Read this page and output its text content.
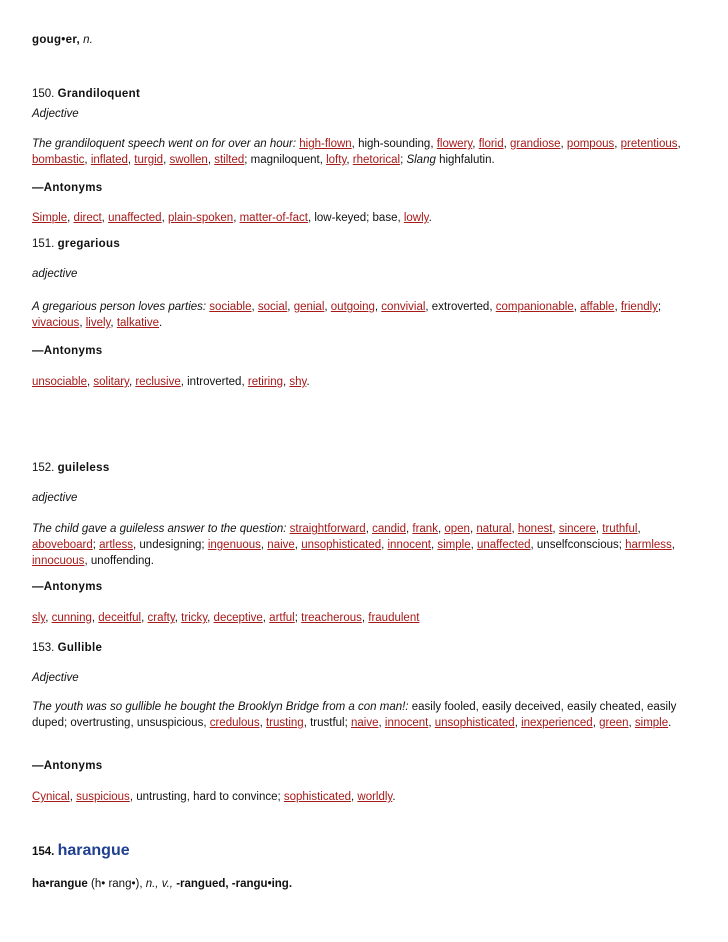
goug•er, n.

150. Grandiloquent

Adjective

The grandiloquent speech went on for over an hour: high-flown, high-sounding, flowery, florid, grandiose, pompous, pretentious, bombastic, inflated, turgid, swollen, stilted; magniloquent, lofty, rhetorical; Slang highfalutin.

—Antonyms

Simple, direct, unaffected, plain-spoken, matter-of-fact, low-keyed; base, lowly.

151. gregarious

adjective

A gregarious person loves parties: sociable, social, genial, outgoing, convivial, extroverted, companionable, affable, friendly; vivacious, lively, talkative.

—Antonyms

unsociable, solitary, reclusive, introverted, retiring, shy.

152. guileless

adjective

The child gave a guileless answer to the question: straightforward, candid, frank, open, natural, honest, sincere, truthful, aboveboard; artless, undesigning; ingenuous, naive, unsophisticated, innocent, simple, unaffected, unselfconscious; harmless, innocuous, unoffending.

—Antonyms

sly, cunning, deceitful, crafty, tricky, deceptive, artful; treacherous, fraudulent

153. Gullible

Adjective

The youth was so gullible he bought the Brooklyn Bridge from a con man!: easily fooled, easily deceived, easily cheated, easily duped; overtrusting, unsuspicious, credulous, trusting, trustful; naive, innocent, unsophisticated, inexperienced, green, simple.

—Antonyms

Cynical, suspicious, untrusting, hard to convince; sophisticated, worldly.

154. harangue

ha•rangue (h• rang•), n., v., -rangued, -rangu•ing.
